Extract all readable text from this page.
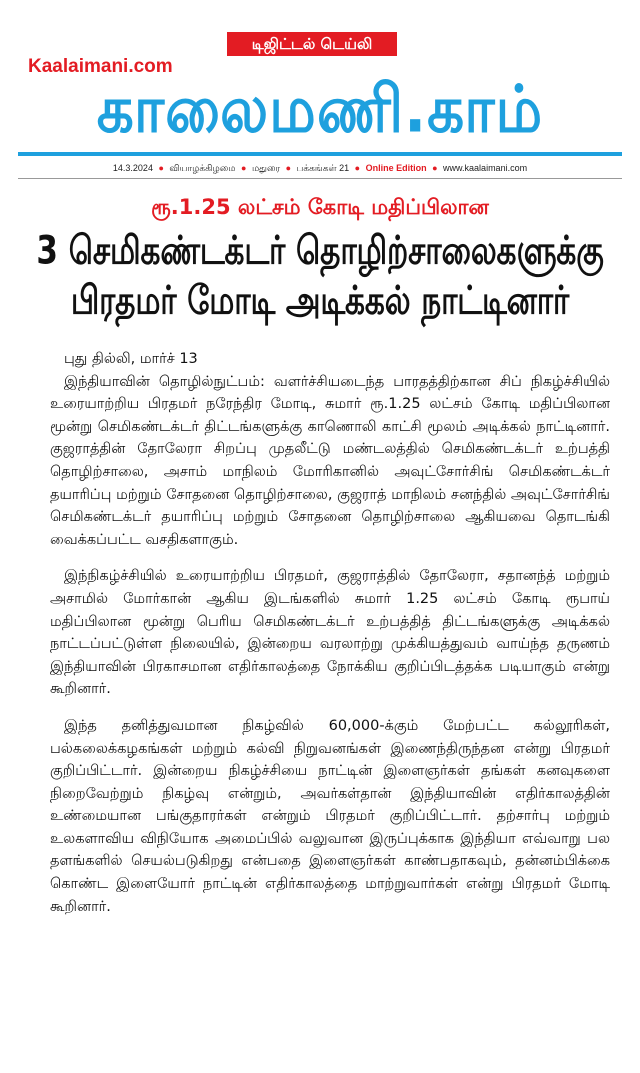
டிஜிட்டல் டெய்லி
Kaalaimani.com
காலைமணி.காம்
14.3.2024 ● வியாழக்கிழமை ● மதுரை ● பக்கங்கள் 21 ● Online Edition ● www.kaalaimani.com
ரூ.1.25 லட்சம் கோடி மதிப்பிலான
3 செமிகண்டக்டர் தொழிற்சாலைகளுக்கு
பிரதமர் மோடி அடிக்கல் நாட்டினார்
புது தில்லி, மார்ச் 13

இந்தியாவின் தொழில்நுட்பம்: வளர்ச்சியடைந்த பாரதத்திற்கான சிப் நிகழ்ச்சியில் உரையாற்றிய பிரதமர் நரேந்திர மோடி, சுமார் ரூ.1.25 லட்சம் கோடி மதிப்பிலான மூன்று செமிகண்டக்டர் திட்டங்களுக்கு காணொலி காட்சி மூலம் அடிக்கல் நாட்டினார். குஜராத்தின் தோலேரா சிறப்பு முதலீட்டு மண்டலத்தில் செமிகண்டக்டர் உற்பத்தி தொழிற்சாலை, அசாம் மாநிலம் மோரிகானில் அவுட்சோர்சிங் செமிகண்டக்டர் தயாரிப்பு மற்றும் சோதனை தொழிற்சாலை, குஜராத் மாநிலம் சனந்தில் அவுட்சோர்சிங் செமிகண்டக்டர் தயாரிப்பு மற்றும் சோதனை தொழிற்சாலை ஆகியவை தொடங்கி வைக்கப்பட்ட வசதிகளாகும்.

இந்நிகழ்ச்சியில் உரையாற்றிய பிரதமர், குஜராத்தில் தோலேரா, சதானந்த் மற்றும் அசாமில் மோர்கான் ஆகிய இடங்களில் சுமார் 1.25 லட்சம் கோடி ரூபாய் மதிப்பிலான மூன்று பெரிய செமிகண்டக்டர் உற்பத்தித் திட்டங்களுக்கு அடிக்கல் நாட்டப்பட்டுள்ள நிலையில், இன்றைய வரலாற்று முக்கியத்துவம் வாய்ந்த தருணம் இந்தியாவின் பிரகாசமான எதிர்காலத்தை நோக்கிய குறிப்பிடத்தக்க படியாகும் என்று கூறினார்.

இந்த தனித்துவமான நிகழ்வில் 60,000-க்கும் மேற்பட்ட கல்லூரிகள், பல்கலைக்கழகங்கள் மற்றும் கல்வி நிறுவனங்கள் இணைந்திருந்தன என்று பிரதமர் குறிப்பிட்டார். இன்றைய நிகழ்ச்சியை நாட்டின் இளைஞர்கள் தங்கள் கனவுகளை நிறைவேற்றும் நிகழ்வு என்றும், அவர்கள்தான் இந்தியாவின் எதிர்காலத்தின் உண்மையான பங்குதாரர்கள் என்றும் பிரதமர் குறிப்பிட்டார். தற்சார்பு மற்றும் உலகளாவிய விநியோக அமைப்பில் வலுவான இருப்புக்காக இந்தியா எவ்வாறு பல தளங்களில் செயல்படுகிறது என்பதை இளைஞர்கள் காண்பதாகவும், தன்னம்பிக்கை கொண்ட இளையோர் நாட்டின் எதிர்காலத்தை மாற்றுவார்கள் என்று பிரதமர் மோடி கூறினார்.
